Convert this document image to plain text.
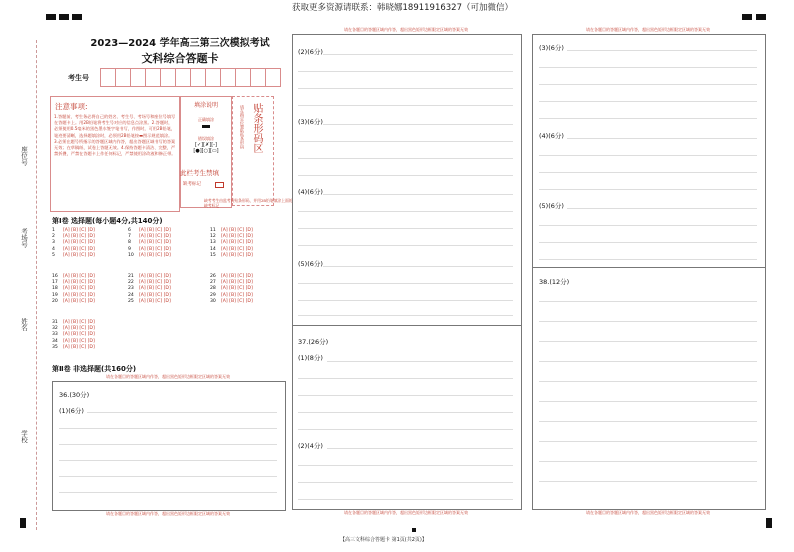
获取更多资源请联系：韩晓娜18911916327（可加微信）
座位号
考场号
姓名
学校
2023—2024 学年高三第三次模拟考试
文科综合答题卡
考生号
注意事项:
1.答题前，考生务必将自己的姓名、考生号、考场号和座位号填写在答题卡上。用2B铅笔将考生号对应的信息点涂黑。2.答题时，必须使用0.5毫米的黑色墨水签字笔书写，作图时，可用2B铅笔，笔迹要清晰，选择题填涂时，必须用2B铅笔按▬图示规范填涂。3.必须在题号所指示的答题区域内作答，超出答题区域书写的答案无效；在草稿纸、试卷上答题无效。4.保持答题卡清洁、完整，严禁折叠，严禁在答题卡上作任何标记，严禁使用涂改液和修正带。
填涂说明
正确填涂
错误填涂
[✓][✗][-]
[●][○][▭]
请在指定位置粘贴条形码 贴条形码区
此栏考生禁填
缺考标记
缺考考生由监考员贴条形码，并用2B铅笔填涂上面的缺考标记
第Ⅰ卷 选择题(每小题4分,共140分)
1 [A] [B] [C] [D]
2 [A] [B] [C] [D]
3 [A] [B] [C] [D]
4 [A] [B] [C] [D]
5 [A] [B] [C] [D]
6 [A] [B] [C] [D]
7 [A] [B] [C] [D]
8 [A] [B] [C] [D]
9 [A] [B] [C] [D]
10 [A] [B] [C] [D]
11 [A] [B] [C] [D]
12 [A] [B] [C] [D]
13 [A] [B] [C] [D]
14 [A] [B] [C] [D]
15 [A] [B] [C] [D]
16 [A] [B] [C] [D]
17 [A] [B] [C] [D]
18 [A] [B] [C] [D]
19 [A] [B] [C] [D]
20 [A] [B] [C] [D]
21 [A] [B] [C] [D]
22 [A] [B] [C] [D]
23 [A] [B] [C] [D]
24 [A] [B] [C] [D]
25 [A] [B] [C] [D]
26 [A] [B] [C] [D]
27 [A] [B] [C] [D]
28 [A] [B] [C] [D]
29 [A] [B] [C] [D]
30 [A] [B] [C] [D]
31 [A] [B] [C] [D]
32 [A] [B] [C] [D]
33 [A] [B] [C] [D]
34 [A] [B] [C] [D]
35 [A] [B] [C] [D]
第Ⅱ卷 非选择题(共160分)
请在各题目的答题区域内作答，超出黑色矩形边框限定区域的答案无效
36.(30分)
(1)(6分)
请在各题目的答题区域内作答，超出黑色矩形边框限定区域的答案无效
请在各题目的答题区域内作答，超出黑色矩形边框限定区域的答案无效
(2)(6分)
(3)(6分)
(4)(6分)
(5)(6分)
37.(26分)
(1)(8分)
(2)(4分)
请在各题目的答题区域内作答，超出黑色矩形边框限定区域的答案无效
请在各题目的答题区域内作答，超出黑色矩形边框限定区域的答案无效
(3)(6分)
(4)(6分)
(5)(6分)
38.(12分)
请在各题目的答题区域内作答，超出黑色矩形边框限定区域的答案无效
【高三文科综合答题卡 第1页(共2页)】
